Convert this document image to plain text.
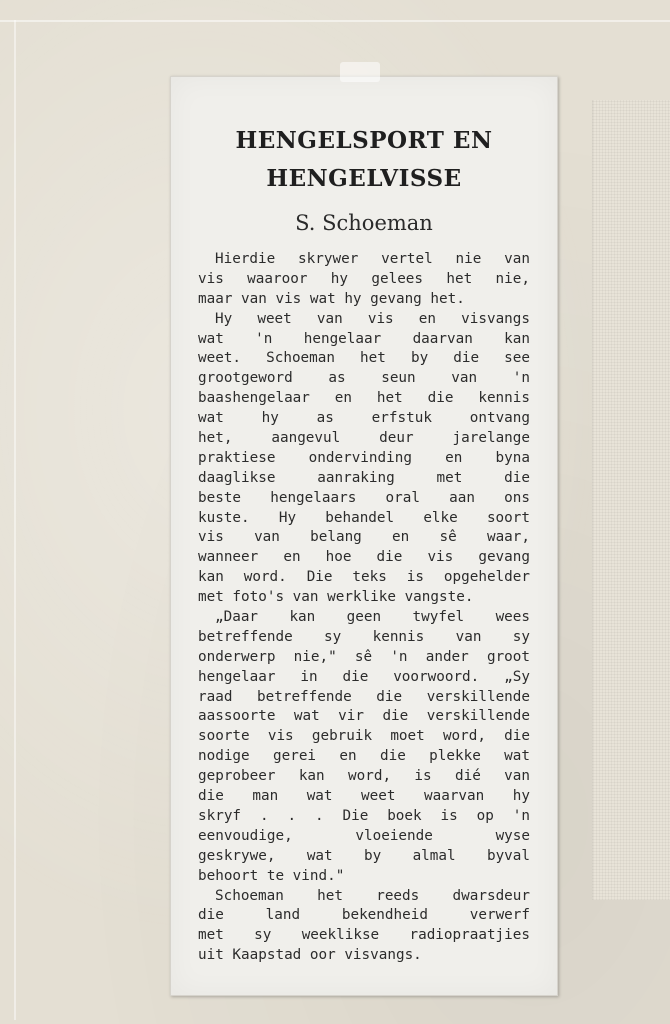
HENGELSPORT EN
HENGELVISSE

S. Schoeman

Hierdie skrywer vertel nie van
vis waaroor hy gelees het nie,
maar van vis wat hy gevang het.
Hy weet van vis en visvangs
wat 'n hengelaar daarvan kan
weet. Schoeman het by die see
grootgeword as seun van 'n
baashengelaar en het die kennis
wat hy as erfstuk ontvang
het, aangevul deur jarelange
praktiese ondervinding en byna
daaglikse aanraking met die
beste hengelaars oral aan ons
kuste. Hy behandel elke soort
vis van belang en sê waar,
wanneer en hoe die vis gevang
kan word. Die teks is opgehelder
met foto's van werklike vangste.
„Daar kan geen twyfel wees
betreffende sy kennis van sy
onderwerp nie," sê 'n ander groot
hengelaar in die voorwoord. „Sy
raad betreffende die verskillende
aassoorte wat vir die verskillende
soorte vis gebruik moet word, die
nodige gerei en die plekke wat
geprobeer kan word, is dié van
die man wat weet waarvan hy
skryf . . . Die boek is op 'n
eenvoudige, vloeiende wyse
geskrywe, wat by almal byval
behoort te vind."
Schoeman het reeds dwarsdeur
die land bekendheid verwerf
met sy weeklikse radiopraatjies
uit Kaapstad oor visvangs.
